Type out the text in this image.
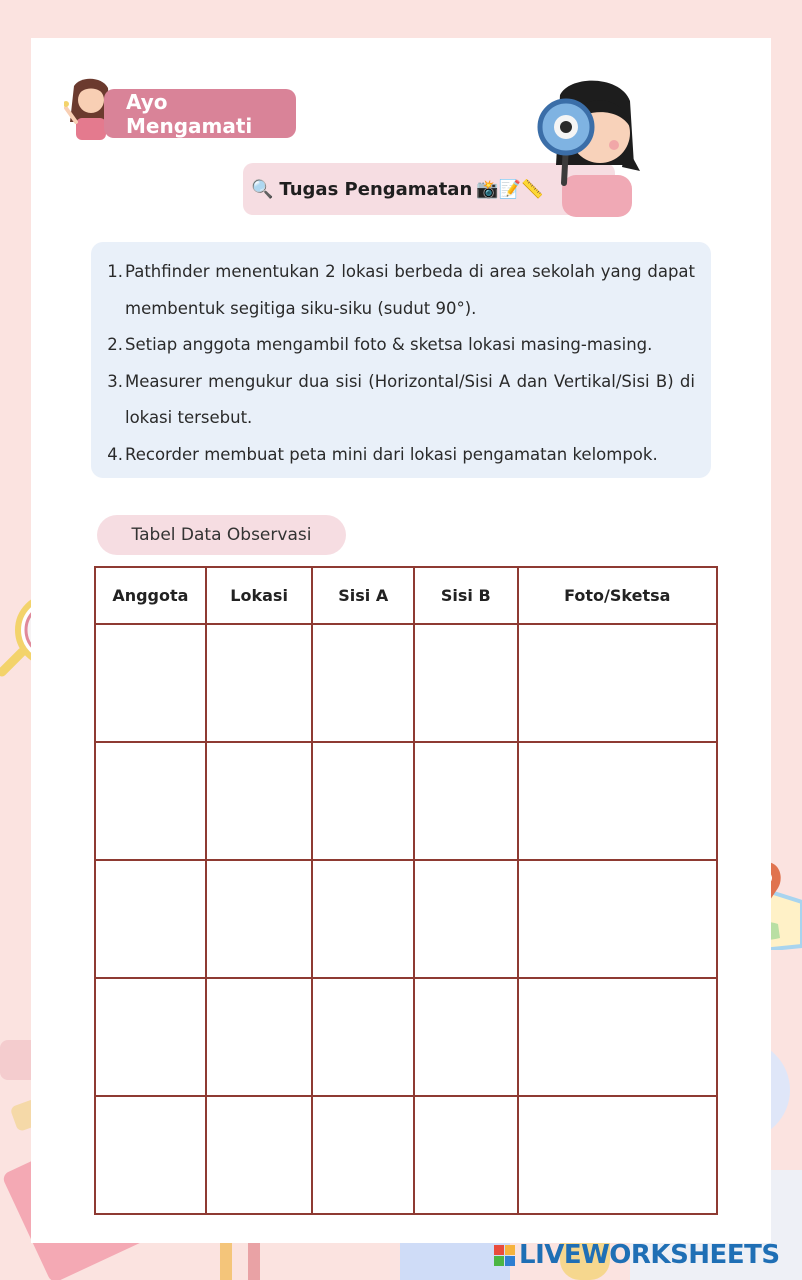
Ayo Mengamati
🔍 Tugas Pengamatan 📸📝📏
1. Pathfinder menentukan 2 lokasi berbeda di area sekolah yang dapat membentuk segitiga siku-siku (sudut 90°).
2. Setiap anggota mengambil foto & sketsa lokasi masing-masing.
3. Measurer mengukur dua sisi (Horizontal/Sisi A dan Vertikal/Sisi B) di lokasi tersebut.
4. Recorder membuat peta mini dari lokasi pengamatan kelompok.
Tabel Data Observasi
Anggota	Lokasi	Sisi A	Sisi B	Foto/Sketsa

LIVEWORKSHEETS
